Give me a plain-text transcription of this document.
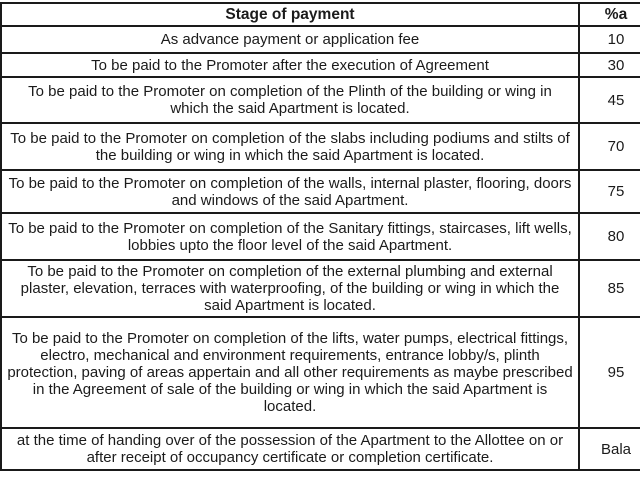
Stage of payment	%a
As advance payment or application fee	10
To be paid to the Promoter after the execution of Agreement	30
To be paid to the Promoter on completion of the Plinth of the building or wing in which the said Apartment is located.	45
To be paid to the Promoter on completion of the slabs including podiums and stilts of the building or wing in which the said Apartment is located.	70
To be paid to the Promoter on completion of the walls, internal plaster, flooring, doors and windows of the said Apartment.	75
To be paid to the Promoter on completion of the Sanitary fittings, staircases, lift wells, lobbies upto the floor level of the said Apartment.	80
To be paid to the Promoter on completion of the external plumbing and external plaster, elevation, terraces with waterproofing, of the building or wing in which the said Apartment is located.	85
To be paid to the Promoter on completion of the lifts, water pumps, electrical fittings, electro, mechanical and environment requirements, entrance lobby/s, plinth protection, paving of areas appertain and all other requirements as maybe prescribed in the Agreement of sale of the building or wing in which the said Apartment is located.	95
at the time of handing over of the possession of the Apartment to the Allottee on or after receipt of occupancy certificate or completion certificate.	Bala
